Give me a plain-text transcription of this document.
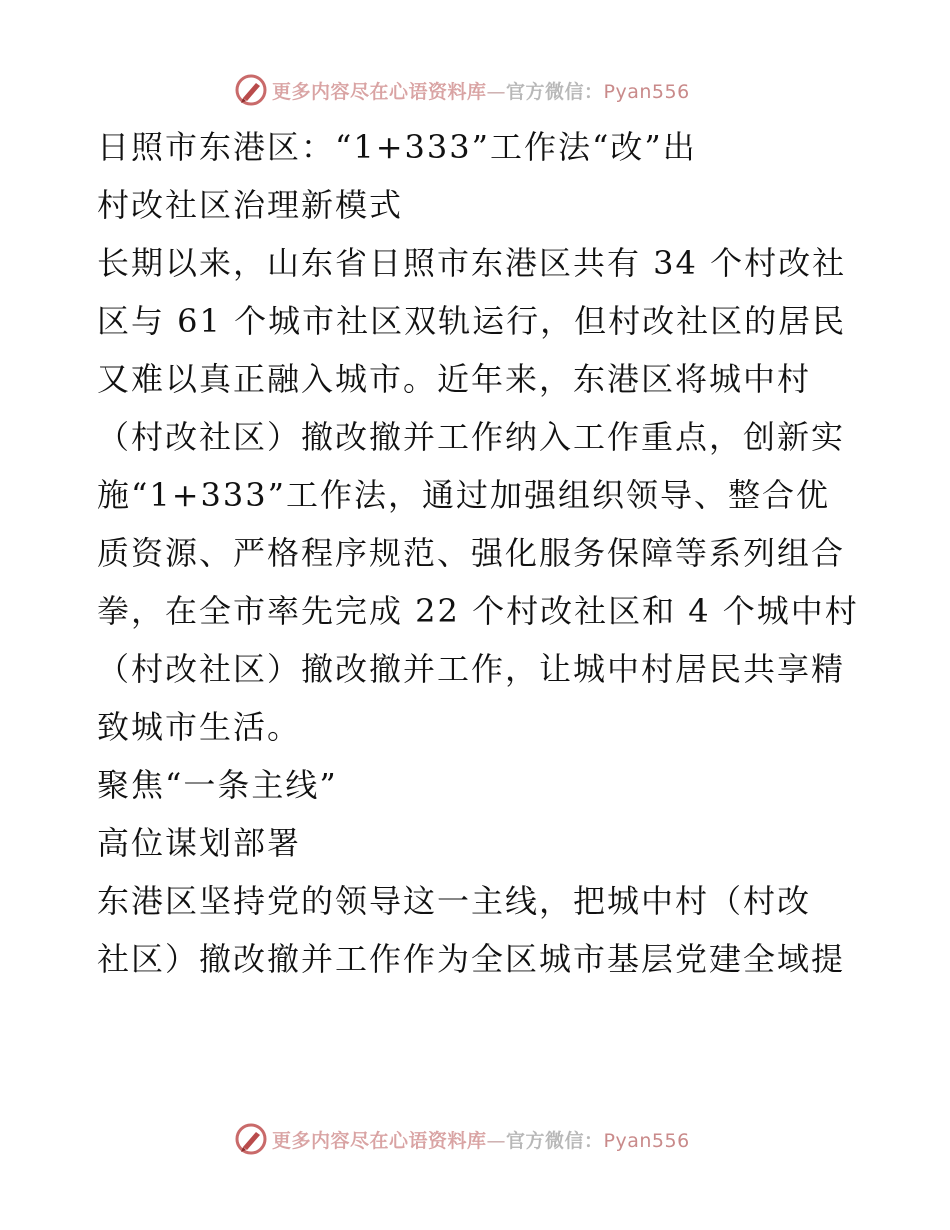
更多内容尽在心语资料库—官方微信：Pyan556
日照市东港区：“1+333”工作法“改”出
村改社区治理新模式
长期以来，山东省日照市东港区共有 34 个村改社
区与 61 个城市社区双轨运行，但村改社区的居民
又难以真正融入城市。近年来，东港区将城中村
（村改社区）撤改撤并工作纳入工作重点，创新实
施“1+333”工作法，通过加强组织领导、整合优
质资源、严格程序规范、强化服务保障等系列组合
拳，在全市率先完成 22 个村改社区和 4 个城中村
（村改社区）撤改撤并工作，让城中村居民共享精
致城市生活。
聚焦“一条主线”
高位谋划部署
东港区坚持党的领导这一主线，把城中村（村改
社区）撤改撤并工作作为全区城市基层党建全域提
更多内容尽在心语资料库—官方微信：Pyan556
